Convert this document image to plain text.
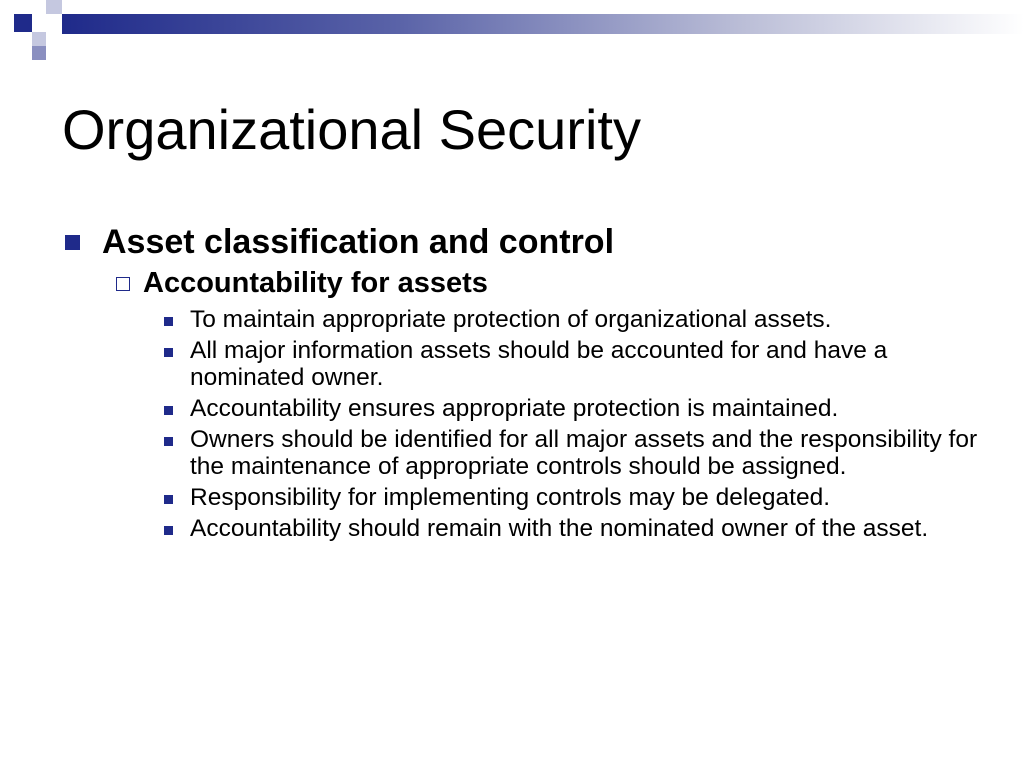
Organizational Security
Asset classification and control
Accountability for assets
To maintain appropriate protection of organizational assets.
All major information assets should be accounted for and have a nominated owner.
Accountability ensures appropriate protection is maintained.
Owners should be identified for all major assets and the responsibility for the maintenance of appropriate controls should be assigned.
Responsibility for implementing controls may be delegated.
Accountability should remain with the nominated owner of the asset.
